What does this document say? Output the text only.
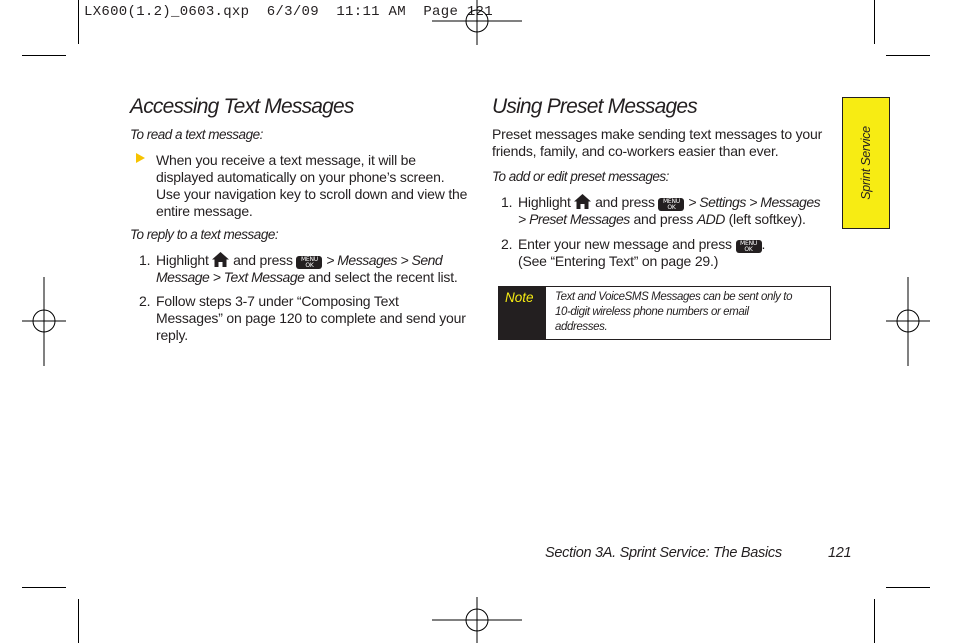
LX600(1.2)_0603.qxp  6/3/09  11:11 AM  Page 121
Accessing Text Messages
To read a text message:
When you receive a text message, it will be
displayed automatically on your phone’s screen.
Use your navigation key to scroll down and view the
entire message.
To reply to a text message:
1. Highlight and press MENU
OK > Messages > Send
Message > Text Message and select the recent list.
2. Follow steps 3-7 under “Composing Text
Messages” on page 120 to complete and send your
reply.
Using Preset Messages
Preset messages make sending text messages to your
friends, family, and co-workers easier than ever.
To add or edit preset messages:
1. Highlight and press MENU
OK > Settings > Messages
> Preset Messages and press ADD (left softkey).
2. Enter your new message and press MENU
OK .
(See “Entering Text” on page 29.)
Note	Text and VoiceSMS Messages can be sent only to
10-digit wireless phone numbers or email
addresses.
Sprint Service
Section 3A. Sprint Service: The Basics	121
